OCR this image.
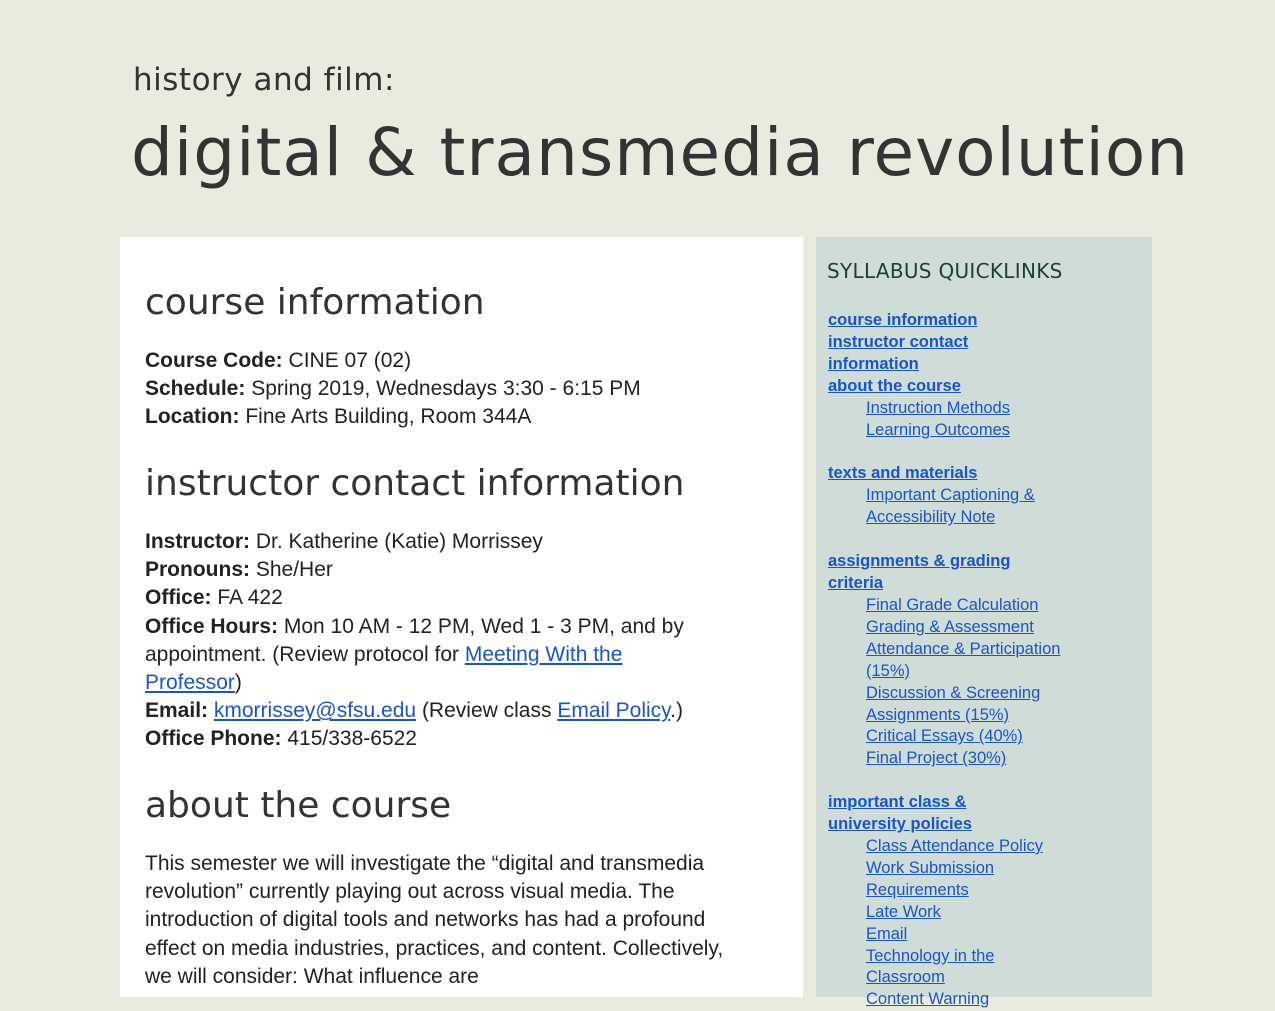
history and film:
digital & transmedia revolution
course information
Course Code: CINE 07 (02)
Schedule: Spring 2019, Wednesdays 3:30 - 6:15 PM
Location: Fine Arts Building, Room 344A
instructor contact information
Instructor: Dr. Katherine (Katie) Morrissey
Pronouns: She/Her
Office: FA 422
Office Hours: Mon 10 AM - 12 PM, Wed 1 - 3 PM, and by appointment. (Review protocol for Meeting With the Professor)
Email: kmorrissey@sfsu.edu (Review class Email Policy.)
Office Phone: 415/338-6522
about the course

This semester we will investigate the “digital and transmedia revolution” currently playing out across visual media. The introduction of digital tools and networks has had a profound effect on media industries, practices, and content. Collectively, we will consider: What influence are

SYLLABUS QUICKLINKS
course information
instructor contact information
about the course
Instruction Methods
Learning Outcomes
texts and materials
Important Captioning & Accessibility Note
assignments & grading criteria
Final Grade Calculation
Grading & Assessment
Attendance & Participation (15%)
Discussion & Screening Assignments (15%)
Critical Essays (40%)
Final Project (30%)
important class & university policies
Class Attendance Policy
Work Submission Requirements
Late Work
Email
Technology in the Classroom
Content Warning
